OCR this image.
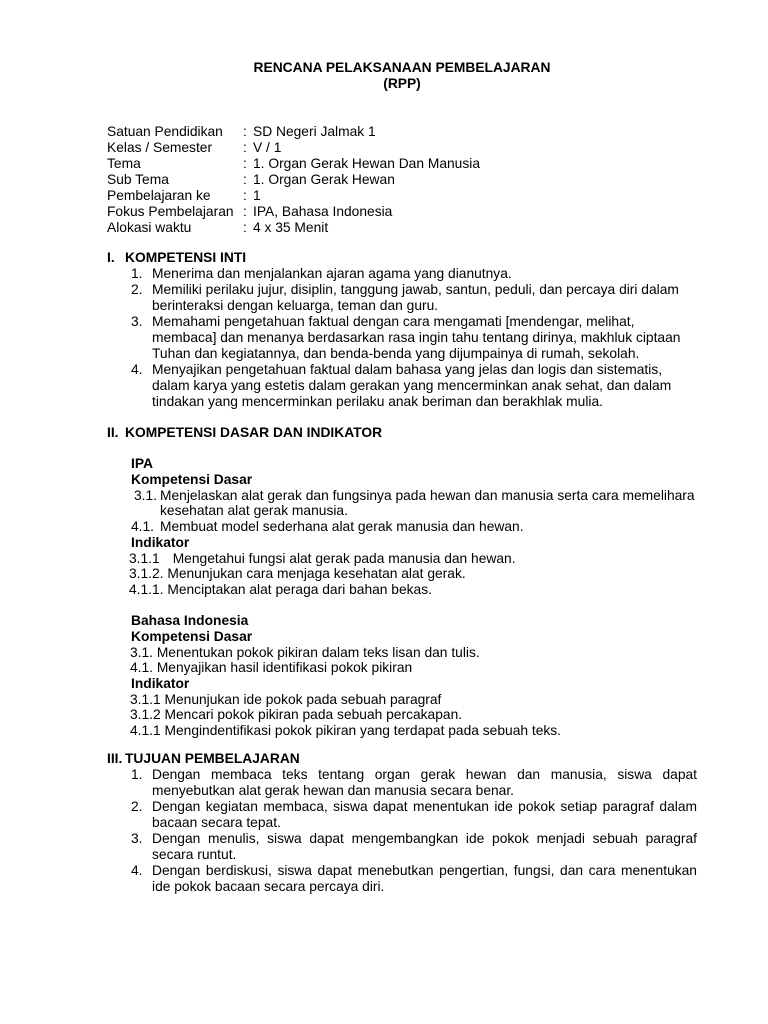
RENCANA PELAKSANAAN PEMBELAJARAN
(RPP)
Satuan Pendidikan	: SD Negeri Jalmak 1
Kelas / Semester	: V / 1
Tema	: 1. Organ Gerak Hewan Dan Manusia
Sub Tema	: 1. Organ Gerak Hewan
Pembelajaran ke	: 1
Fokus Pembelajaran : IPA, Bahasa Indonesia
Alokasi waktu	: 4 x 35 Menit
I. KOMPETENSI INTI
1. Menerima dan menjalankan ajaran agama yang dianutnya.
2. Memiliki perilaku jujur, disiplin, tanggung jawab, santun, peduli, dan percaya diri dalam
berinteraksi dengan keluarga, teman dan guru.
3. Memahami pengetahuan faktual dengan cara mengamati [mendengar, melihat,
membaca] dan menanya berdasarkan rasa ingin tahu tentang dirinya, makhluk ciptaan
Tuhan dan kegiatannya, dan benda-benda yang dijumpainya di rumah, sekolah.
4. Menyajikan pengetahuan faktual dalam bahasa yang jelas dan logis dan sistematis,
dalam karya yang estetis dalam gerakan yang mencerminkan anak sehat, dan dalam
tindakan yang mencerminkan perilaku anak beriman dan berakhlak mulia.
II. KOMPETENSI DASAR DAN INDIKATOR
IPA
Kompetensi Dasar
3.1. Menjelaskan alat gerak dan fungsinya pada hewan dan manusia serta cara memelihara
kesehatan alat gerak manusia.
4.1. Membuat model sederhana alat gerak manusia dan hewan.
Indikator
3.1.1 Mengetahui fungsi alat gerak pada manusia dan hewan.
3.1.2. Menunjukan cara menjaga kesehatan alat gerak.
4.1.1. Menciptakan alat peraga dari bahan bekas.
Bahasa Indonesia
Kompetensi Dasar
3.1. Menentukan pokok pikiran dalam teks lisan dan tulis.
4.1. Menyajikan hasil identifikasi pokok pikiran
Indikator
3.1.1 Menunjukan ide pokok pada sebuah paragraf
3.1.2 Mencari pokok pikiran pada sebuah percakapan.
4.1.1 Mengindentifikasi pokok pikiran yang terdapat pada sebuah teks.
III. TUJUAN PEMBELAJARAN
1. Dengan membaca teks tentang organ gerak hewan dan manusia, siswa dapat
menyebutkan alat gerak hewan dan manusia secara benar.
2. Dengan kegiatan membaca, siswa dapat menentukan ide pokok setiap paragraf dalam
bacaan secara tepat.
3. Dengan menulis, siswa dapat mengembangkan ide pokok menjadi sebuah paragraf
secara runtut.
4. Dengan berdiskusi, siswa dapat menebutkan pengertian, fungsi, dan cara menentukan
ide pokok bacaan secara percaya diri.
